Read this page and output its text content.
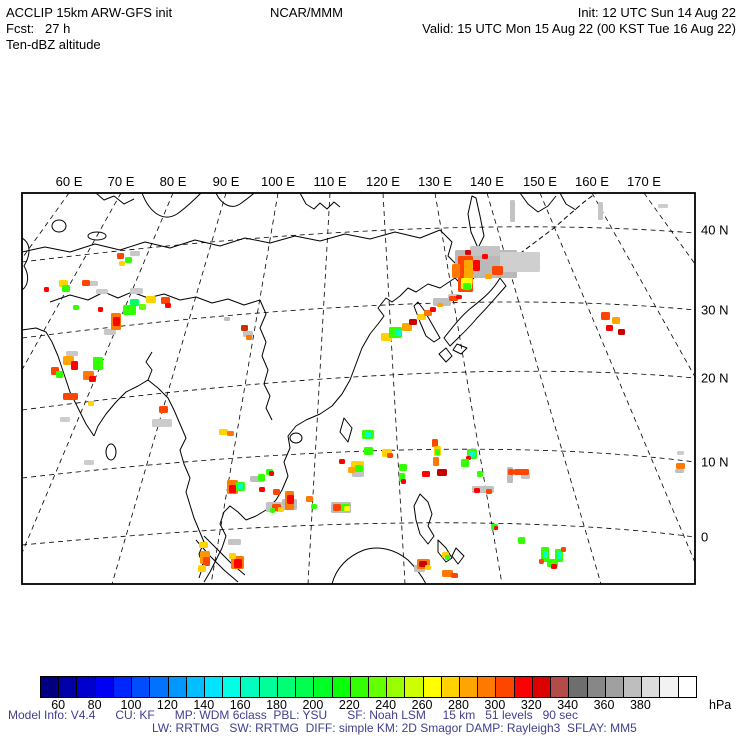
ACCLIP 15km ARW-GFS init	NCAR/MMM	Init: 12 UTC Sun 14 Aug 22
Fcst:   27 h	Valid: 15 UTC Mon 15 Aug 22 (00 KST Tue 16 Aug 22)
Ten-dBZ altitude
60 E 70 E 80 E 90 E 100 E 110 E 120 E 130 E 140 E 150 E 160 E 170 E
40 N
30 N
20 N
10 N
0
60 80 100 120 140 160 180 200 220 240 260 280 300 320 340 360 380	hPa
Model Info: V4.4      CU: KF      MP: WDM 6class  PBL: YSU      SF: Noah LSM     15 km   51 levels   90 sec
LW: RRTMG   SW: RRTMG  DIFF: simple KM: 2D Smagor DAMP: Rayleigh3  SFLAY: MM5
